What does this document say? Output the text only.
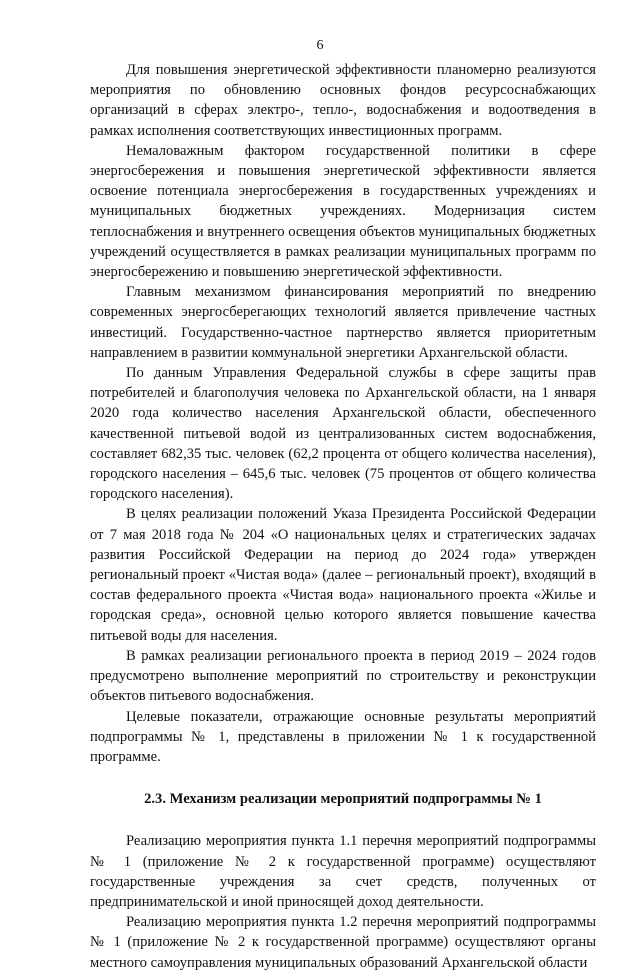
6

Для повышения энергетической эффективности планомерно реализуются мероприятия по обновлению основных фондов ресурсоснабжающих организаций в сферах электро-, тепло-, водоснабжения и водоотведения в рамках исполнения соответствующих инвестиционных программ.

Немаловажным фактором государственной политики в сфере энергосбережения и повышения энергетической эффективности является освоение потенциала энергосбережения в государственных учреждениях и муниципальных бюджетных учреждениях. Модернизация систем теплоснабжения и внутреннего освещения объектов муниципальных бюджетных учреждений осуществляется в рамках реализации муниципальных программ по энергосбережению и повышению энергетической эффективности.

Главным механизмом финансирования мероприятий по внедрению современных энергосберегающих технологий является привлечение частных инвестиций. Государственно-частное партнерство является приоритетным направлением в развитии коммунальной энергетики Архангельской области.

По данным Управления Федеральной службы в сфере защиты прав потребителей и благополучия человека по Архангельской области, на 1 января 2020 года количество населения Архангельской области, обеспеченного качественной питьевой водой из централизованных систем водоснабжения, составляет 682,35 тыс. человек (62,2 процента от общего количества населения), городского населения – 645,6 тыс. человек (75 процентов от общего количества городского населения).

В целях реализации положений Указа Президента Российской Федерации от 7 мая 2018 года № 204 «О национальных целях и стратегических задачах развития Российской Федерации на период до 2024 года» утвержден региональный проект «Чистая вода» (далее – региональный проект), входящий в состав федерального проекта «Чистая вода» национального проекта «Жилье и городская среда», основной целью которого является повышение качества питьевой воды для населения.

В рамках реализации регионального проекта в период 2019 – 2024 годов предусмотрено выполнение мероприятий по строительству и реконструкции объектов питьевого водоснабжения.

Целевые показатели, отражающие основные результаты мероприятий подпрограммы № 1, представлены в приложении № 1 к государственной программе.

2.3. Механизм реализации мероприятий подпрограммы № 1

Реализацию мероприятия пункта 1.1 перечня мероприятий подпрограммы № 1 (приложение № 2 к государственной программе) осуществляют государственные учреждения за счет средств, полученных от предпринимательской и иной приносящей доход деятельности.

Реализацию мероприятия пункта 1.2 перечня мероприятий подпрограммы № 1 (приложение № 2 к государственной программе) осуществляют органы местного самоуправления муниципальных образований Архангельской области
